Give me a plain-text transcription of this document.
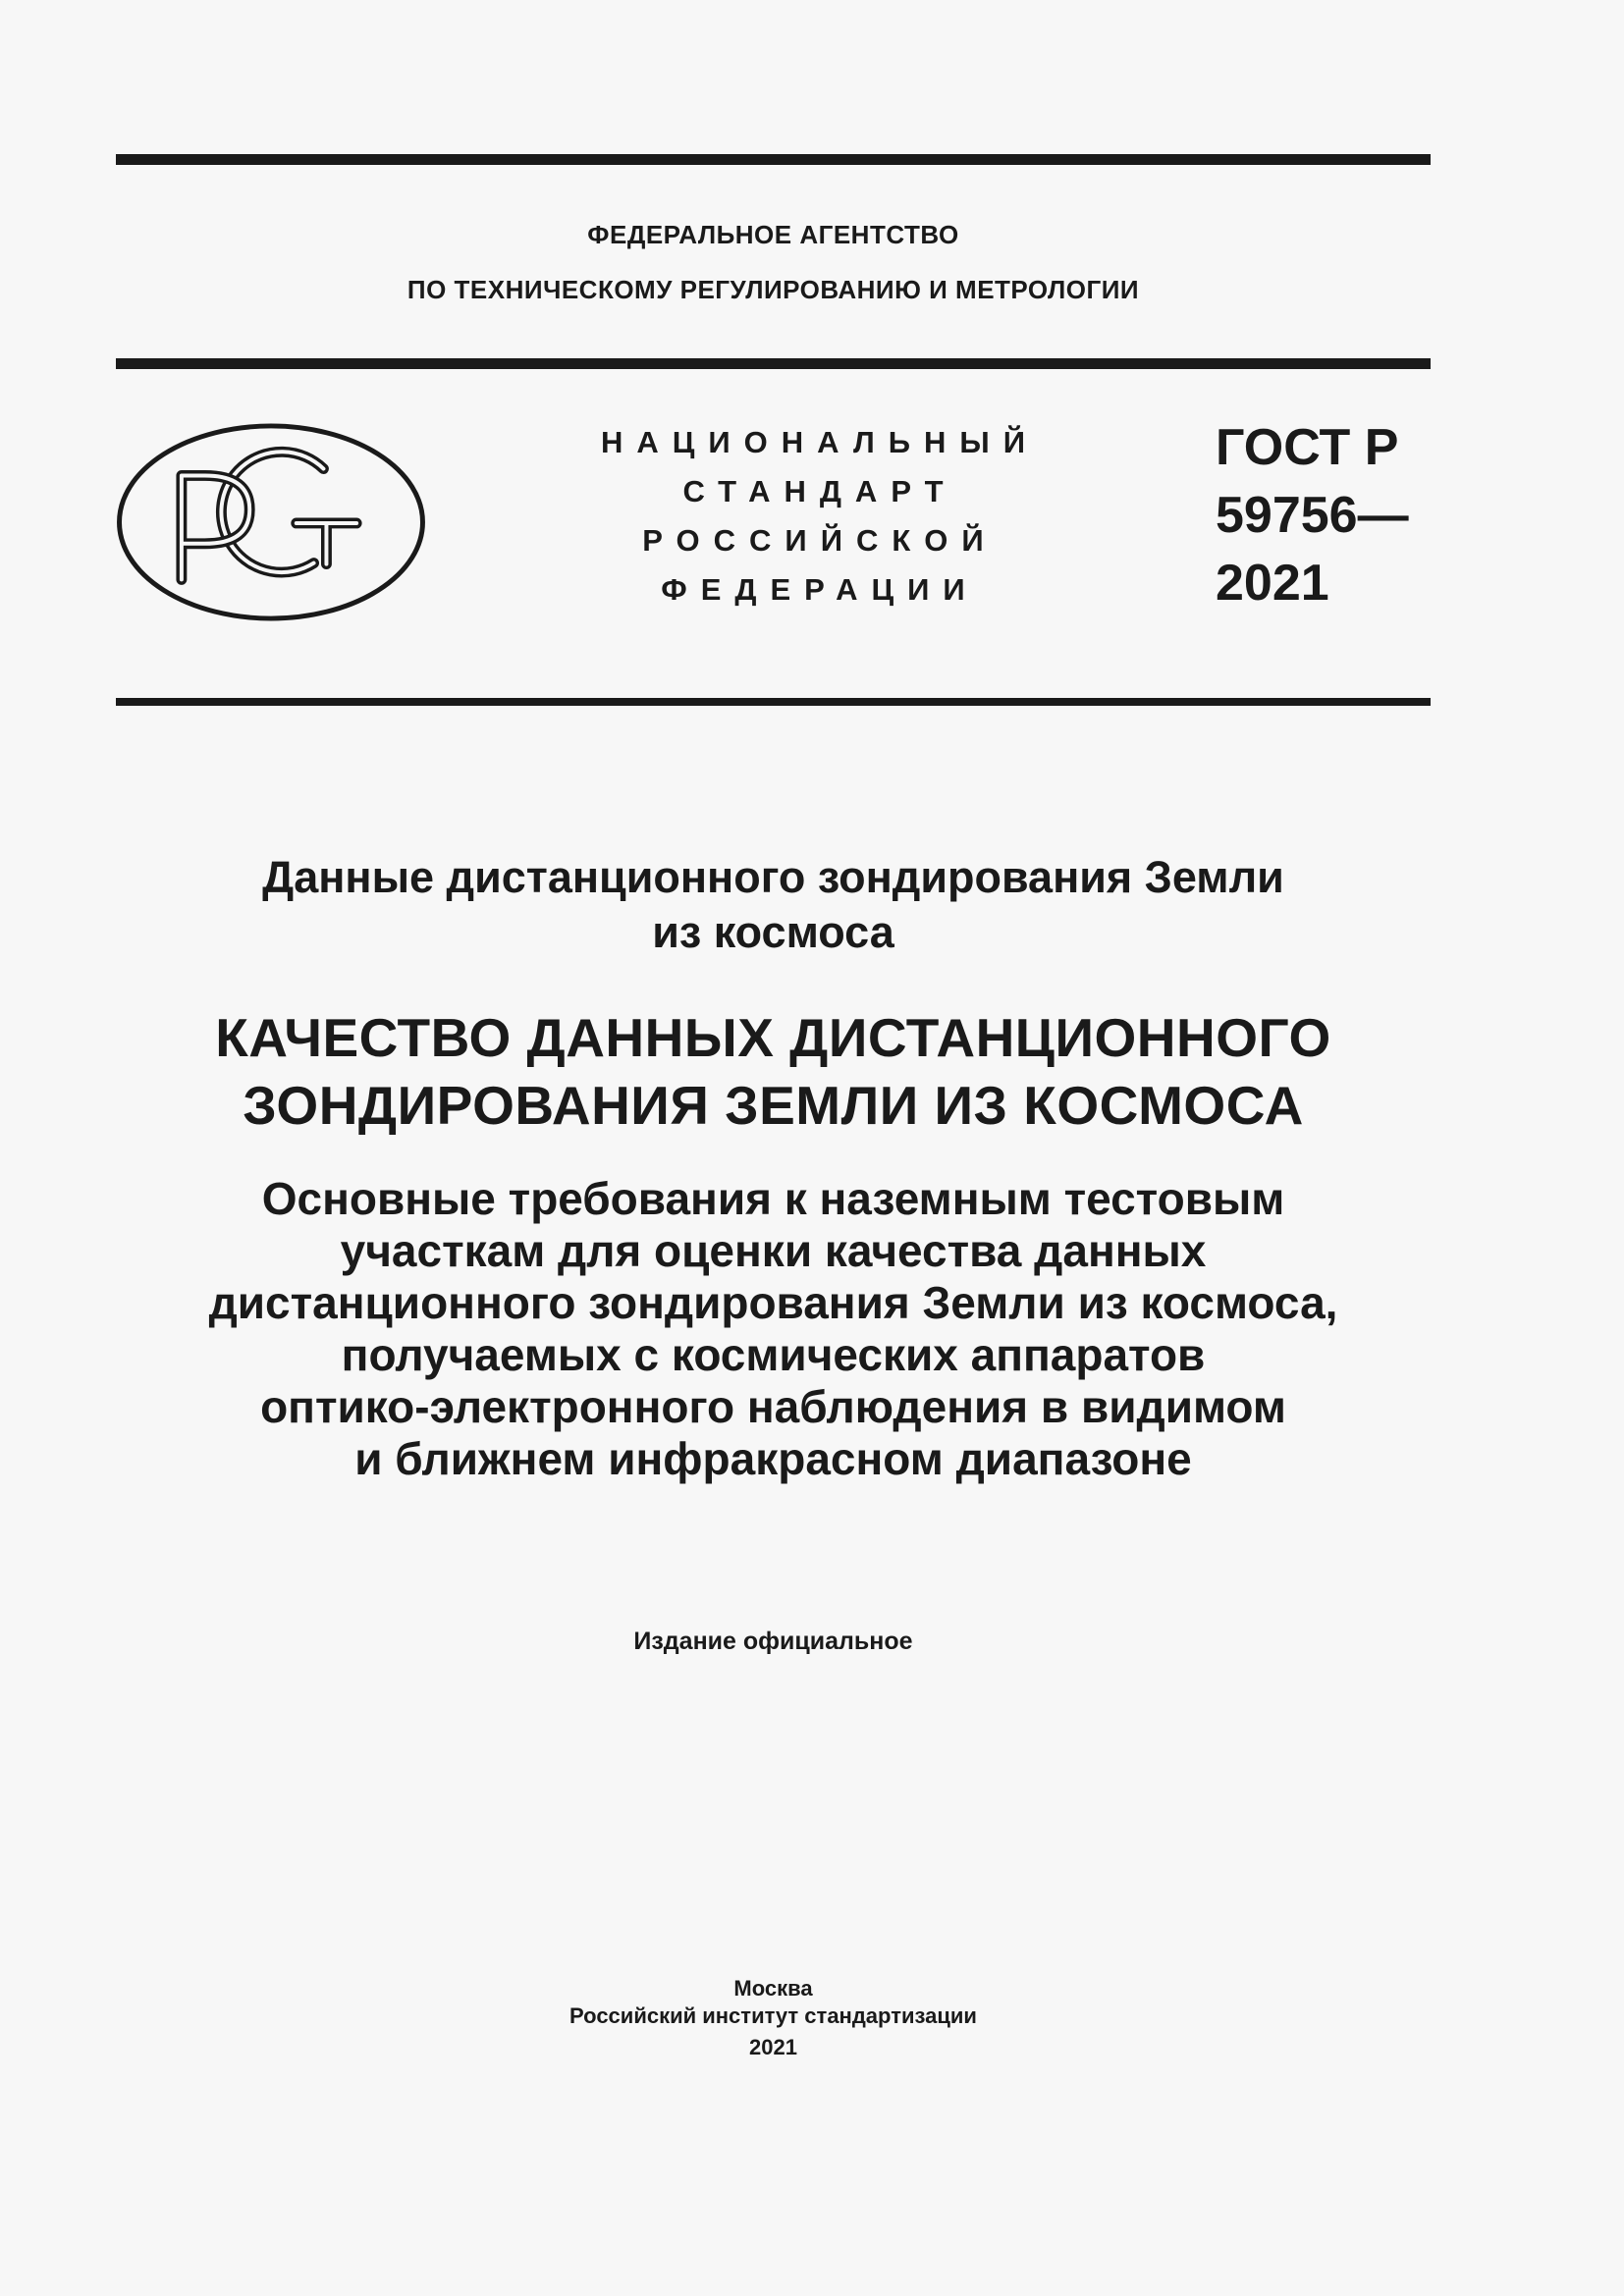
ФЕДЕРАЛЬНОЕ АГЕНТСТВО
ПО ТЕХНИЧЕСКОМУ РЕГУЛИРОВАНИЮ И МЕТРОЛОГИИ
НАЦИОНАЛЬНЫЙ
СТАНДАРТ
РОССИЙСКОЙ
ФЕДЕРАЦИИ
ГОСТ Р
59756—
2021
Данные дистанционного зондирования Земли
из космоса
КАЧЕСТВО ДАННЫХ ДИСТАНЦИОННОГО
ЗОНДИРОВАНИЯ ЗЕМЛИ ИЗ КОСМОСА
Основные требования к наземным тестовым
участкам для оценки качества данных
дистанционного зондирования Земли из космоса,
получаемых с космических аппаратов
оптико-электронного наблюдения в видимом
и ближнем инфракрасном диапазоне
Издание официальное
Москва
Российский институт стандартизации
2021
